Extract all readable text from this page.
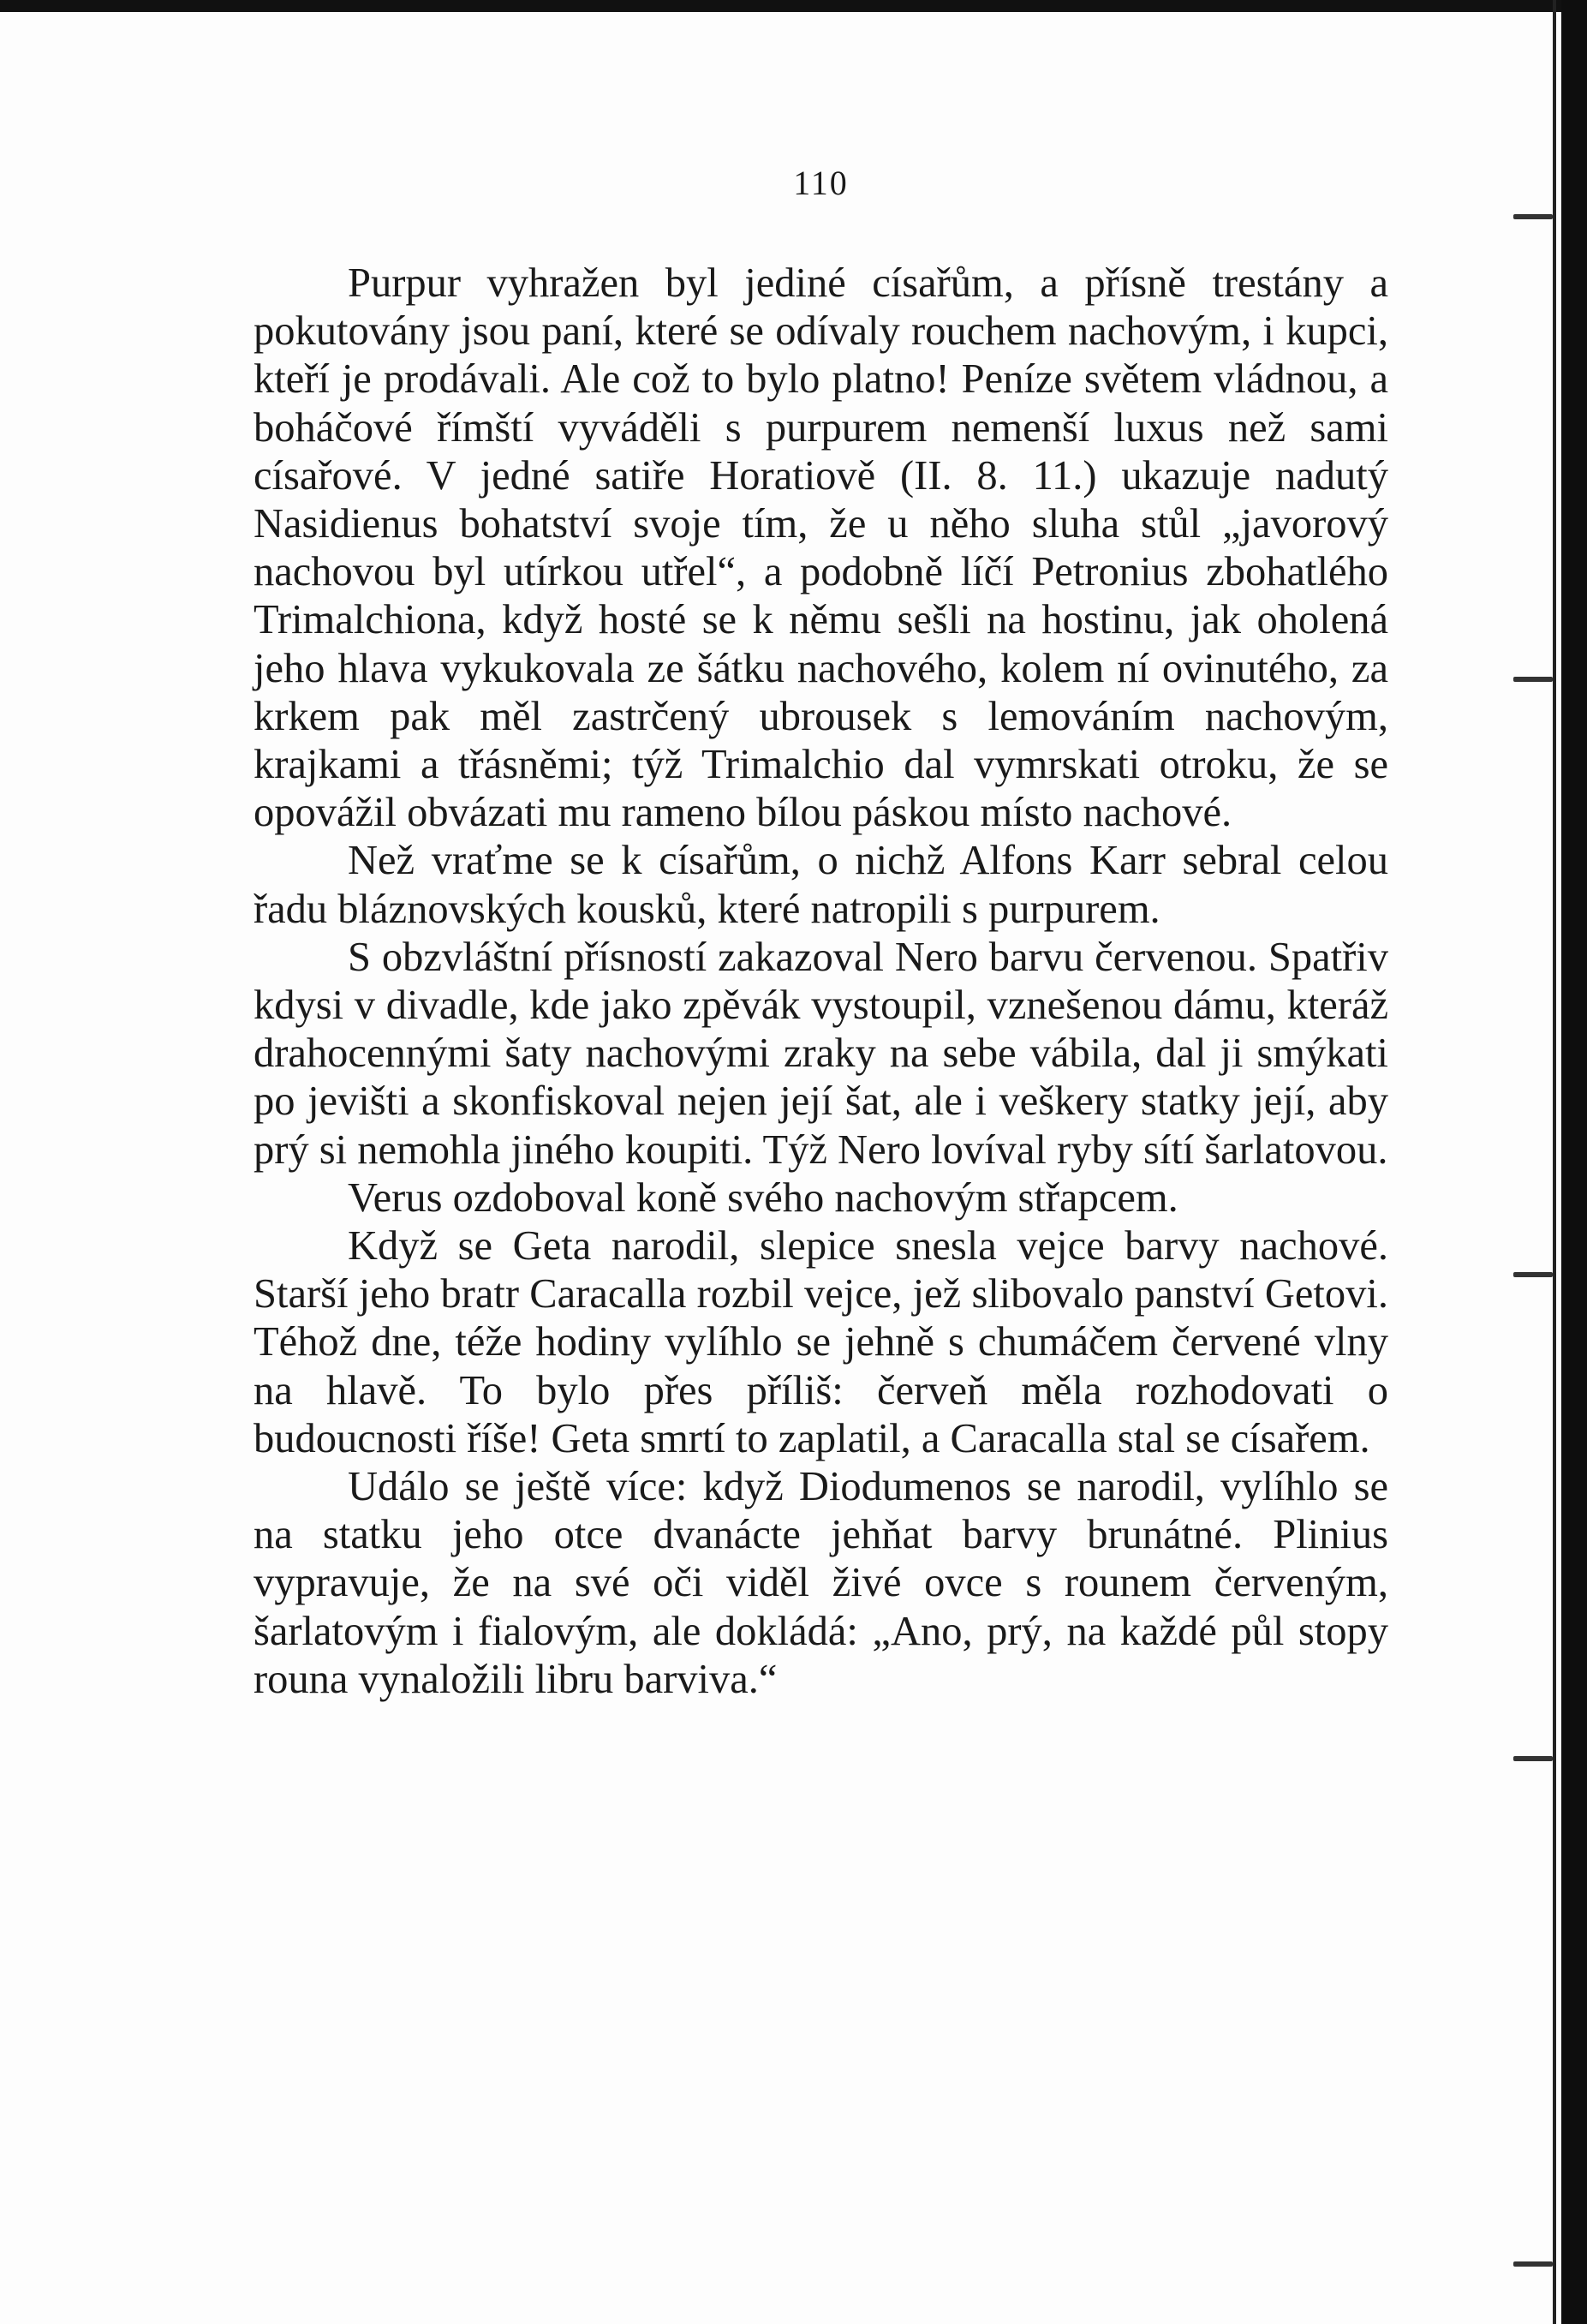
110

Purpur vyhražen byl jediné císařům, a přísně trestány a pokutovány jsou paní, které se odívaly rouchem nachovým, i kupci, kteří je prodávali. Ale což to bylo platno! Peníze světem vládnou, a boháčové římští vyváděli s purpurem nemenší luxus než sami císařové. V jedné satiře Horatiově (II. 8. 11.) ukazuje nadutý Nasidienus bohatství svoje tím, že u něho sluha stůl „javorový nachovou byl utírkou utřel“, a podobně líčí Petronius zbohatlého Trimalchiona, když hosté se k němu sešli na hostinu, jak oholená jeho hlava vykukovala ze šátku nachového, kolem ní ovinutého, za krkem pak měl zastrčený ubrousek s lemováním nachovým, krajkami a třásněmi; týž Trimalchio dal vymrskati otroku, že se opovážil obvázati mu rameno bílou páskou místo nachové.

Než vraťme se k císařům, o nichž Alfons Karr sebral celou řadu bláznovských kousků, které natropili s purpurem.

S obzvláštní přísností zakazoval Nero barvu červenou. Spatřiv kdysi v divadle, kde jako zpěvák vystoupil, vznešenou dámu, kteráž drahocennými šaty nachovými zraky na sebe vábila, dal ji smýkati po jevišti a skonfiskoval nejen její šat, ale i veškery statky její, aby prý si nemohla jiného koupiti. Týž Nero lovíval ryby sítí šarlatovou.

Verus ozdoboval koně svého nachovým střapcem.

Když se Geta narodil, slepice snesla vejce barvy nachové. Starší jeho bratr Caracalla rozbil vejce, jež slibovalo panství Getovi. Téhož dne, téže hodiny vylíhlo se jehně s chumáčem červené vlny na hlavě. To bylo přes příliš: červeň měla rozhodovati o budoucnosti říše! Geta smrtí to zaplatil, a Caracalla stal se císařem.

Událo se ještě více: když Diodumenos se narodil, vylíhlo se na statku jeho otce dvanácte jehňat barvy brunátné. Plinius vypravuje, že na své oči viděl živé ovce s rounem červeným, šarlatovým i fialovým, ale dokládá: „Ano, prý, na každé půl stopy rouna vynaložili libru barviva.“
